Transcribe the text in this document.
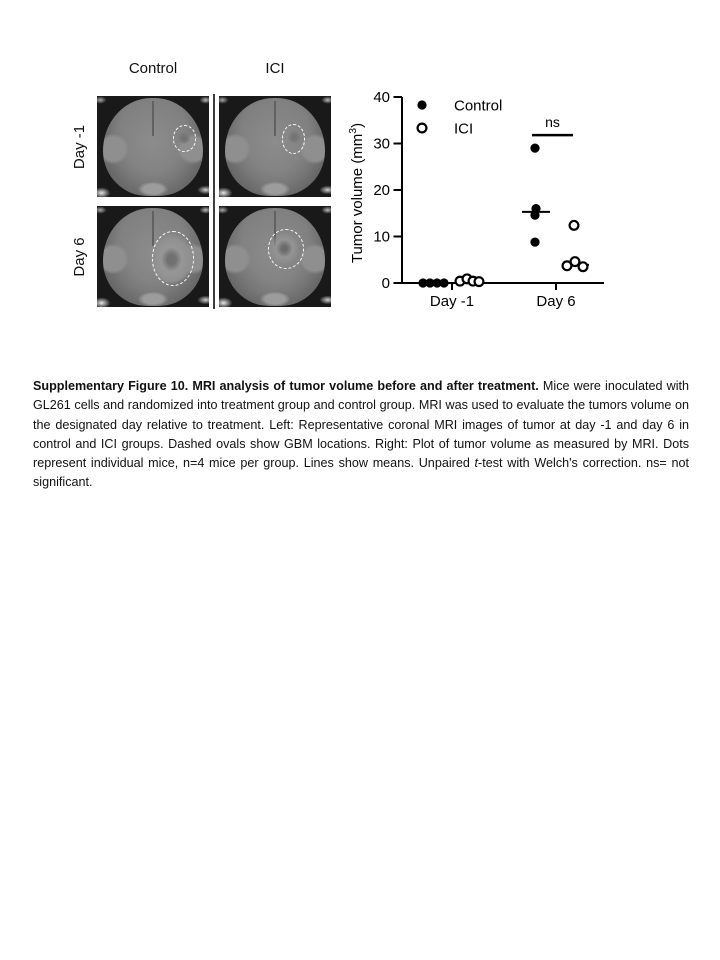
Control	ICI
Day -1
Day 6
0
10
20
30
40
Day -1	Day 6
Tumor volume $(mm^3)$
Control
ICI	ns

Supplementary Figure 10. MRI analysis of tumor volume before and after treatment. Mice were inoculated with GL261 cells and randomized into treatment group and control group. MRI was used to evaluate the tumors volume on the designated day relative to treatment. Left: Representative coronal MRI images of tumor at day -1 and day 6 in control and ICI groups. Dashed ovals show GBM locations. Right: Plot of tumor volume as measured by MRI. Dots represent individual mice, n=4 mice per group. Lines show means. Unpaired t-test with Welch's correction. ns= not significant.
